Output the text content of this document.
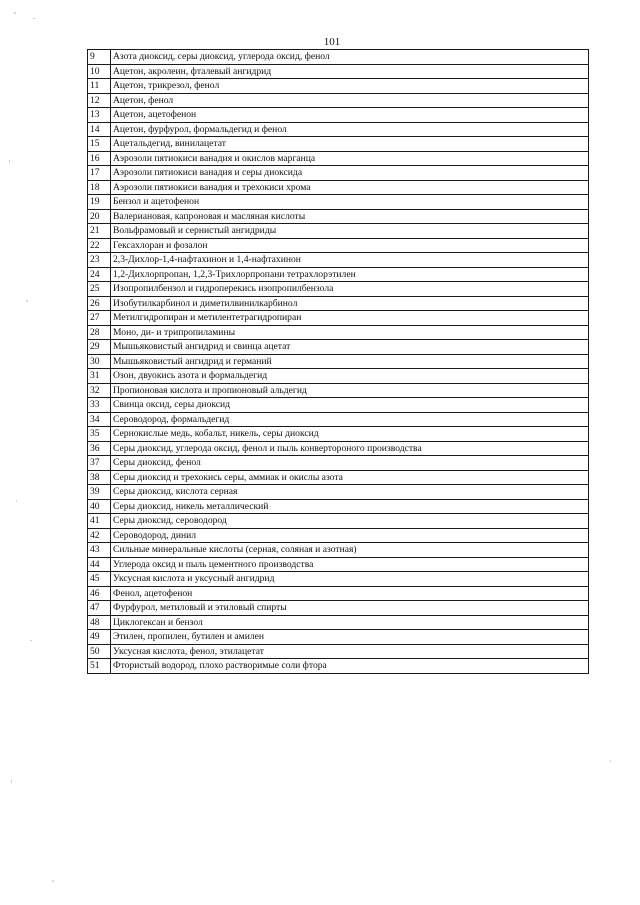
101
9	Азота диоксид, серы диоксид, углерода оксид, фенол
10	Ацетон, акролеин, фталевый ангидрид
11	Ацетон, трикрезол, фенол
12	Ацетон, фенол
13	Ацетон, ацетофенон
14	Ацетон, фурфурол, формальдегид и фенол
15	Ацетальдегид, винилацетат
16	Аэрозоли пятиокиси ванадия и окислов марганца
17	Аэрозоли пятиокиси ванадия и серы диоксида
18	Аэрозоли пятиокиси ванадия и трехокиси хрома
19	Бензол и ацетофенон
20	Валериановая, капроновая и масляная кислоты
21	Вольфрамовый и сернистый ангидриды
22	Гексахлоран и фозалон
23	2,3-Дихлор-1,4-нафтахинон и 1,4-нафтахинон
24	1,2-Дихлорпропан, 1,2,3-Трихлорпропани тетрахлорэтилен
25	Изопропилбензол и гидроперекись изопропилбензола
26	Изобутилкарбинол и диметилвинилкарбинол
27	Метилгидропиран и метилентетрагидропиран
28	Моно, ди- и трипропиламины
29	Мышьяковистый ангидрид и свинца ацетат
30	Мышьяковистый ангидрид и германий
31	Озон, двуокись азота и формальдегид
32	Пропионовая кислота и пропионовый альдегид
33	Свинца оксид, серы диоксид
34	Сероводород, формальдегид
35	Сернокислые медь, кобальт, никель, серы диоксид
36	Серы диоксид, углерода оксид, фенол и пыль конвертороного производства
37	Серы диоксид, фенол
38	Серы диоксид и трехокись серы, аммиак и окислы азота
39	Серы диоксид, кислота серная
40	Серы диоксид, никель металлический
41	Серы диоксид, сероводород
42	Сероводород, динил
43	Сильные минеральные кислоты (серная, соляная и азотная)
44	Углерода оксид и пыль цементного производства
45	Уксусная кислота и уксусный ангидрид
46	Фенол, ацетофенон
47	Фурфурол, метиловый и этиловый спирты
48	Циклогексан и бензол
49	Этилен, пропилен, бутилен и амилен
50	Уксусная кислота, фенол, этилацетат
51	Фтористый водород, плохо растворимые соли фтора
